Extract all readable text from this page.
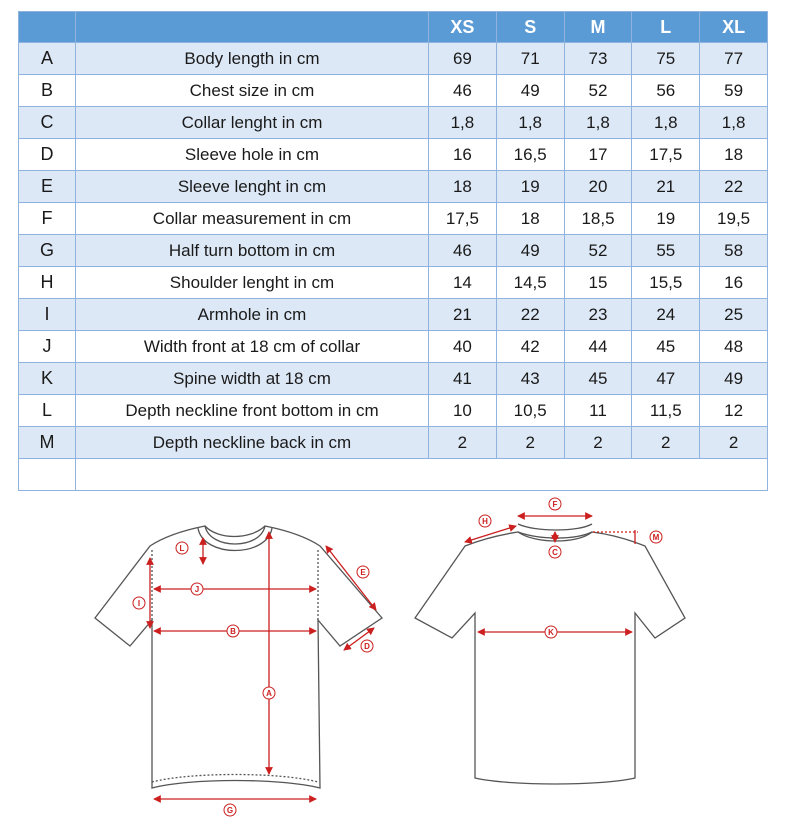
		XS	S	M	L	XL
A	Body length in cm	69	71	73	75	77
B	Chest size in cm	46	49	52	56	59
C	Collar lenght in cm	1,8	1,8	1,8	1,8	1,8
D	Sleeve hole in cm	16	16,5	17	17,5	18
E	Sleeve lenght in cm	18	19	20	21	22
F	Collar measurement in cm	17,5	18	18,5	19	19,5
G	Half turn bottom in cm	46	49	52	55	58
H	Shoulder lenght in cm	14	14,5	15	15,5	16
I	Armhole in cm	21	22	23	24	25
J	Width front at 18 cm of collar	40	42	44	45	48
K	Spine width at 18 cm	41	43	45	47	49
L	Depth neckline front bottom in cm	10	10,5	11	11,5	12
M	Depth neckline back in cm	2	2	2	2	2

A
B
D
E
G
I
J
L	C
F
H
K
M
